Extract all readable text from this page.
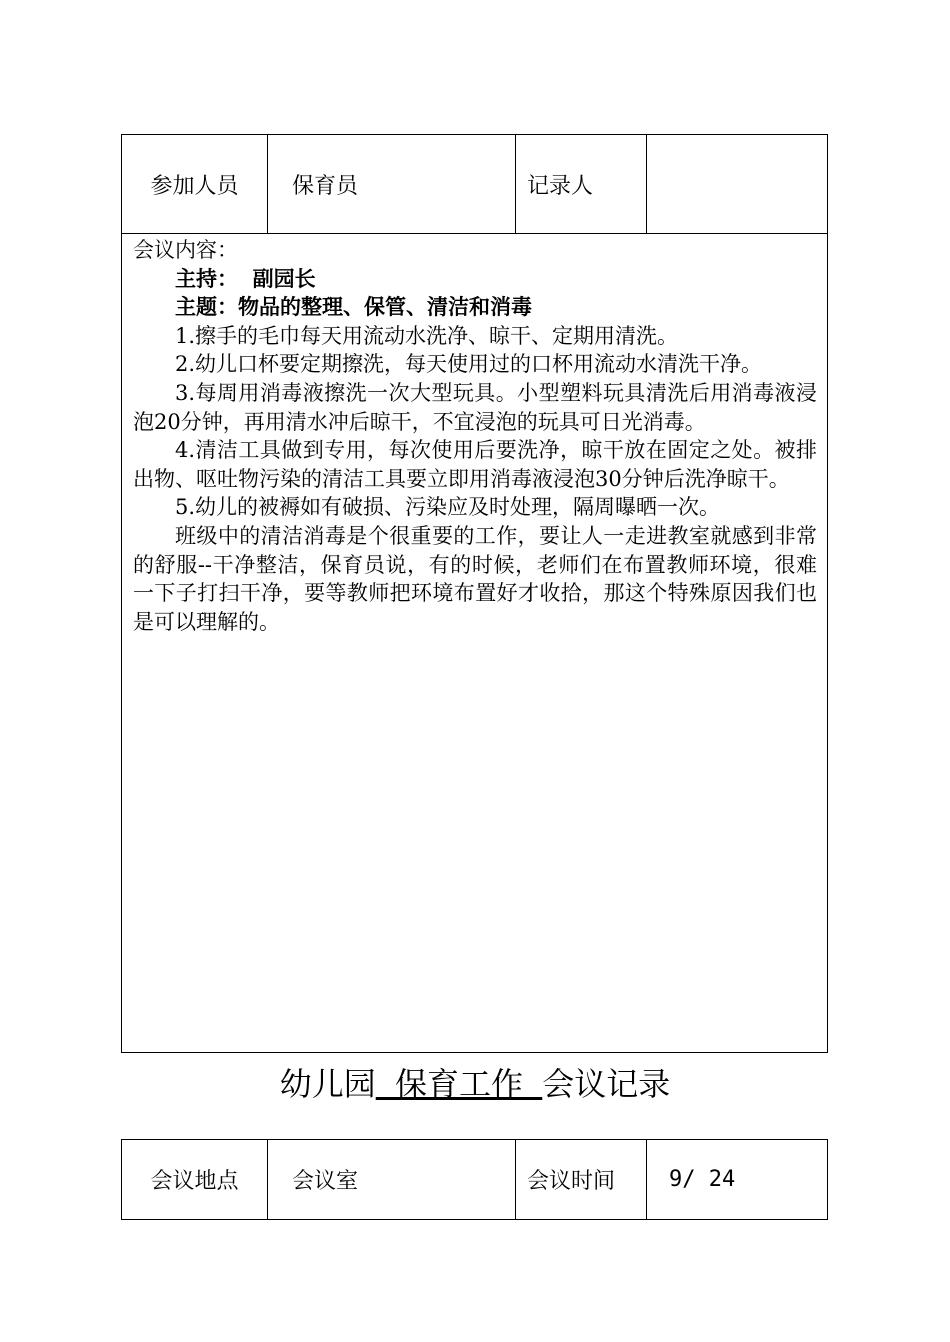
参加人员	保育员	记录人

会议内容：

主持：  副园长

主题：物品的整理、保管、清洁和消毒

1.擦手的毛巾每天用流动水洗净、晾干、定期用清洗。

2.幼儿口杯要定期擦洗，每天使用过的口杯用流动水清洗干净。

3.每周用消毒液擦洗一次大型玩具。小型塑料玩具清洗后用消毒液浸泡20分钟，再用清水冲后晾干，不宜浸泡的玩具可日光消毒。

4.清洁工具做到专用，每次使用后要洗净，晾干放在固定之处。被排出物、呕吐物污染的清洁工具要立即用消毒液浸泡30分钟后洗净晾干。

5.幼儿的被褥如有破损、污染应及时处理，隔周曝晒一次。

班级中的清洁消毒是个很重要的工作，要让人一走进教室就感到非常的舒服--干净整洁，保育员说，有的时候，老师们在布置教师环境，很难一下子打扫干净，要等教师把环境布置好才收拾，那这个特殊原因我们也是可以理解的。

幼儿园 保育工作 会议记录
会议地点	会议室	会议时间	9/ 24
